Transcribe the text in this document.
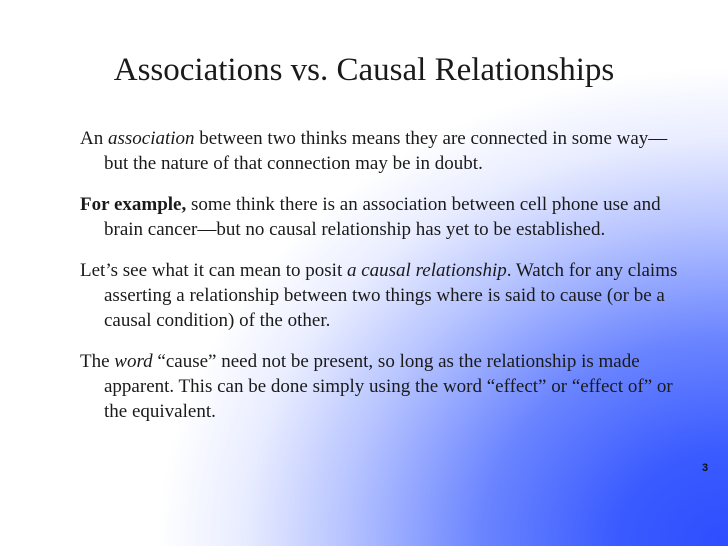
Associations vs. Causal Relationships

An association between two thinks means they are connected in some way—but the nature of that connection may be in doubt.

For example, some think there is an association between cell phone use and brain cancer—but no causal relationship has yet to be established.

Let’s see what it can mean to posit a causal relationship. Watch for any claims asserting a relationship between two things where is said to cause (or be a causal condition) of the other.

The word “cause” need not be present, so long as the relationship is made apparent. This can be done simply using the word “effect” or “effect of” or the equivalent.

3
